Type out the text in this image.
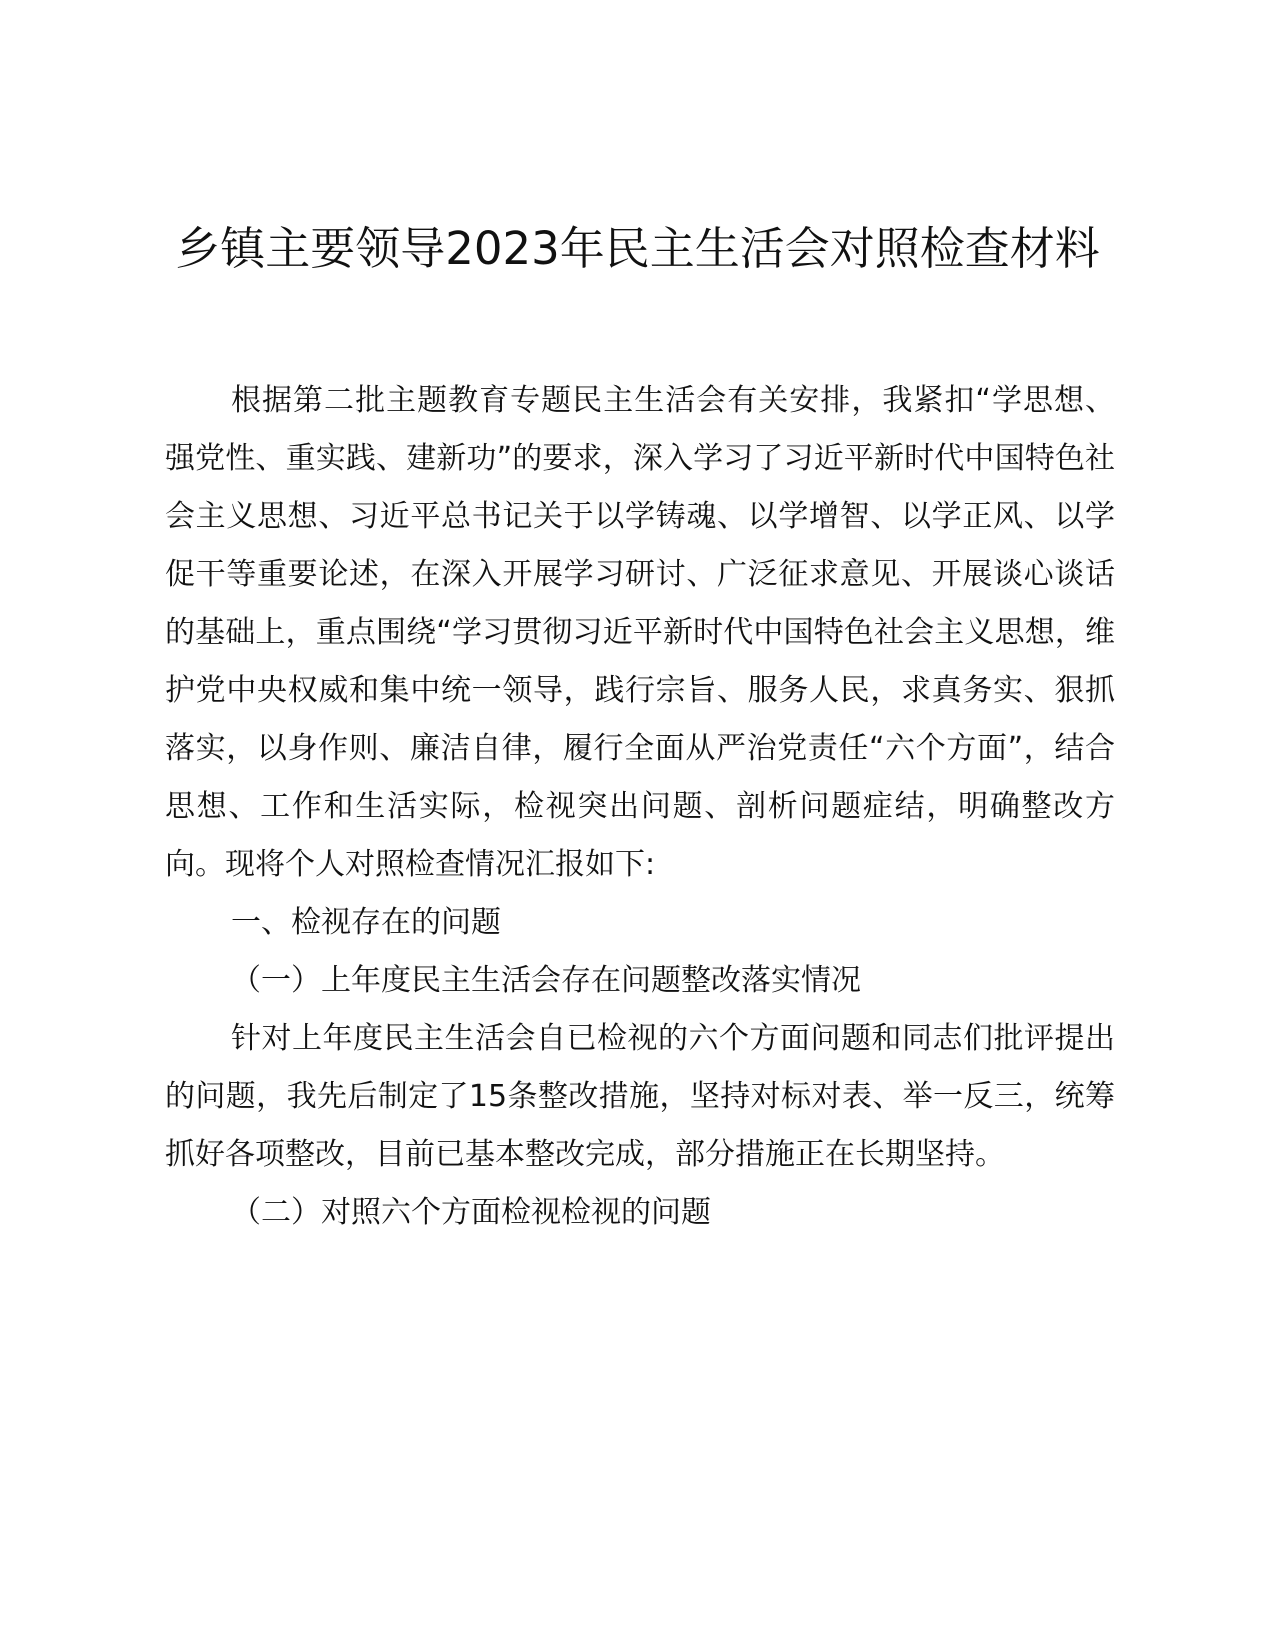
乡镇主要领导2023年民主生活会对照检查材料

根据第二批主题教育专题民主生活会有关安排，我紧扣“学思想、强党性、重实践、建新功”的要求，深入学习了习近平新时代中国特色社会主义思想、习近平总书记关于以学铸魂、以学增智、以学正风、以学促干等重要论述，在深入开展学习研讨、广泛征求意见、开展谈心谈话的基础上，重点围绕“学习贯彻习近平新时代中国特色社会主义思想，维护党中央权威和集中统一领导，践行宗旨、服务人民，求真务实、狠抓落实，以身作则、廉洁自律，履行全面从严治党责任“六个方面”，结合思想、工作和生活实际，检视突出问题、剖析问题症结，明确整改方向。现将个人对照检查情况汇报如下:

一、检视存在的问题

（一）上年度民主生活会存在问题整改落实情况

针对上年度民主生活会自已检视的六个方面问题和同志们批评提出的问题，我先后制定了15条整改措施，坚持对标对表、举一反三，统筹抓好各项整改，目前已基本整改完成，部分措施正在长期坚持。

（二）对照六个方面检视检视的问题
